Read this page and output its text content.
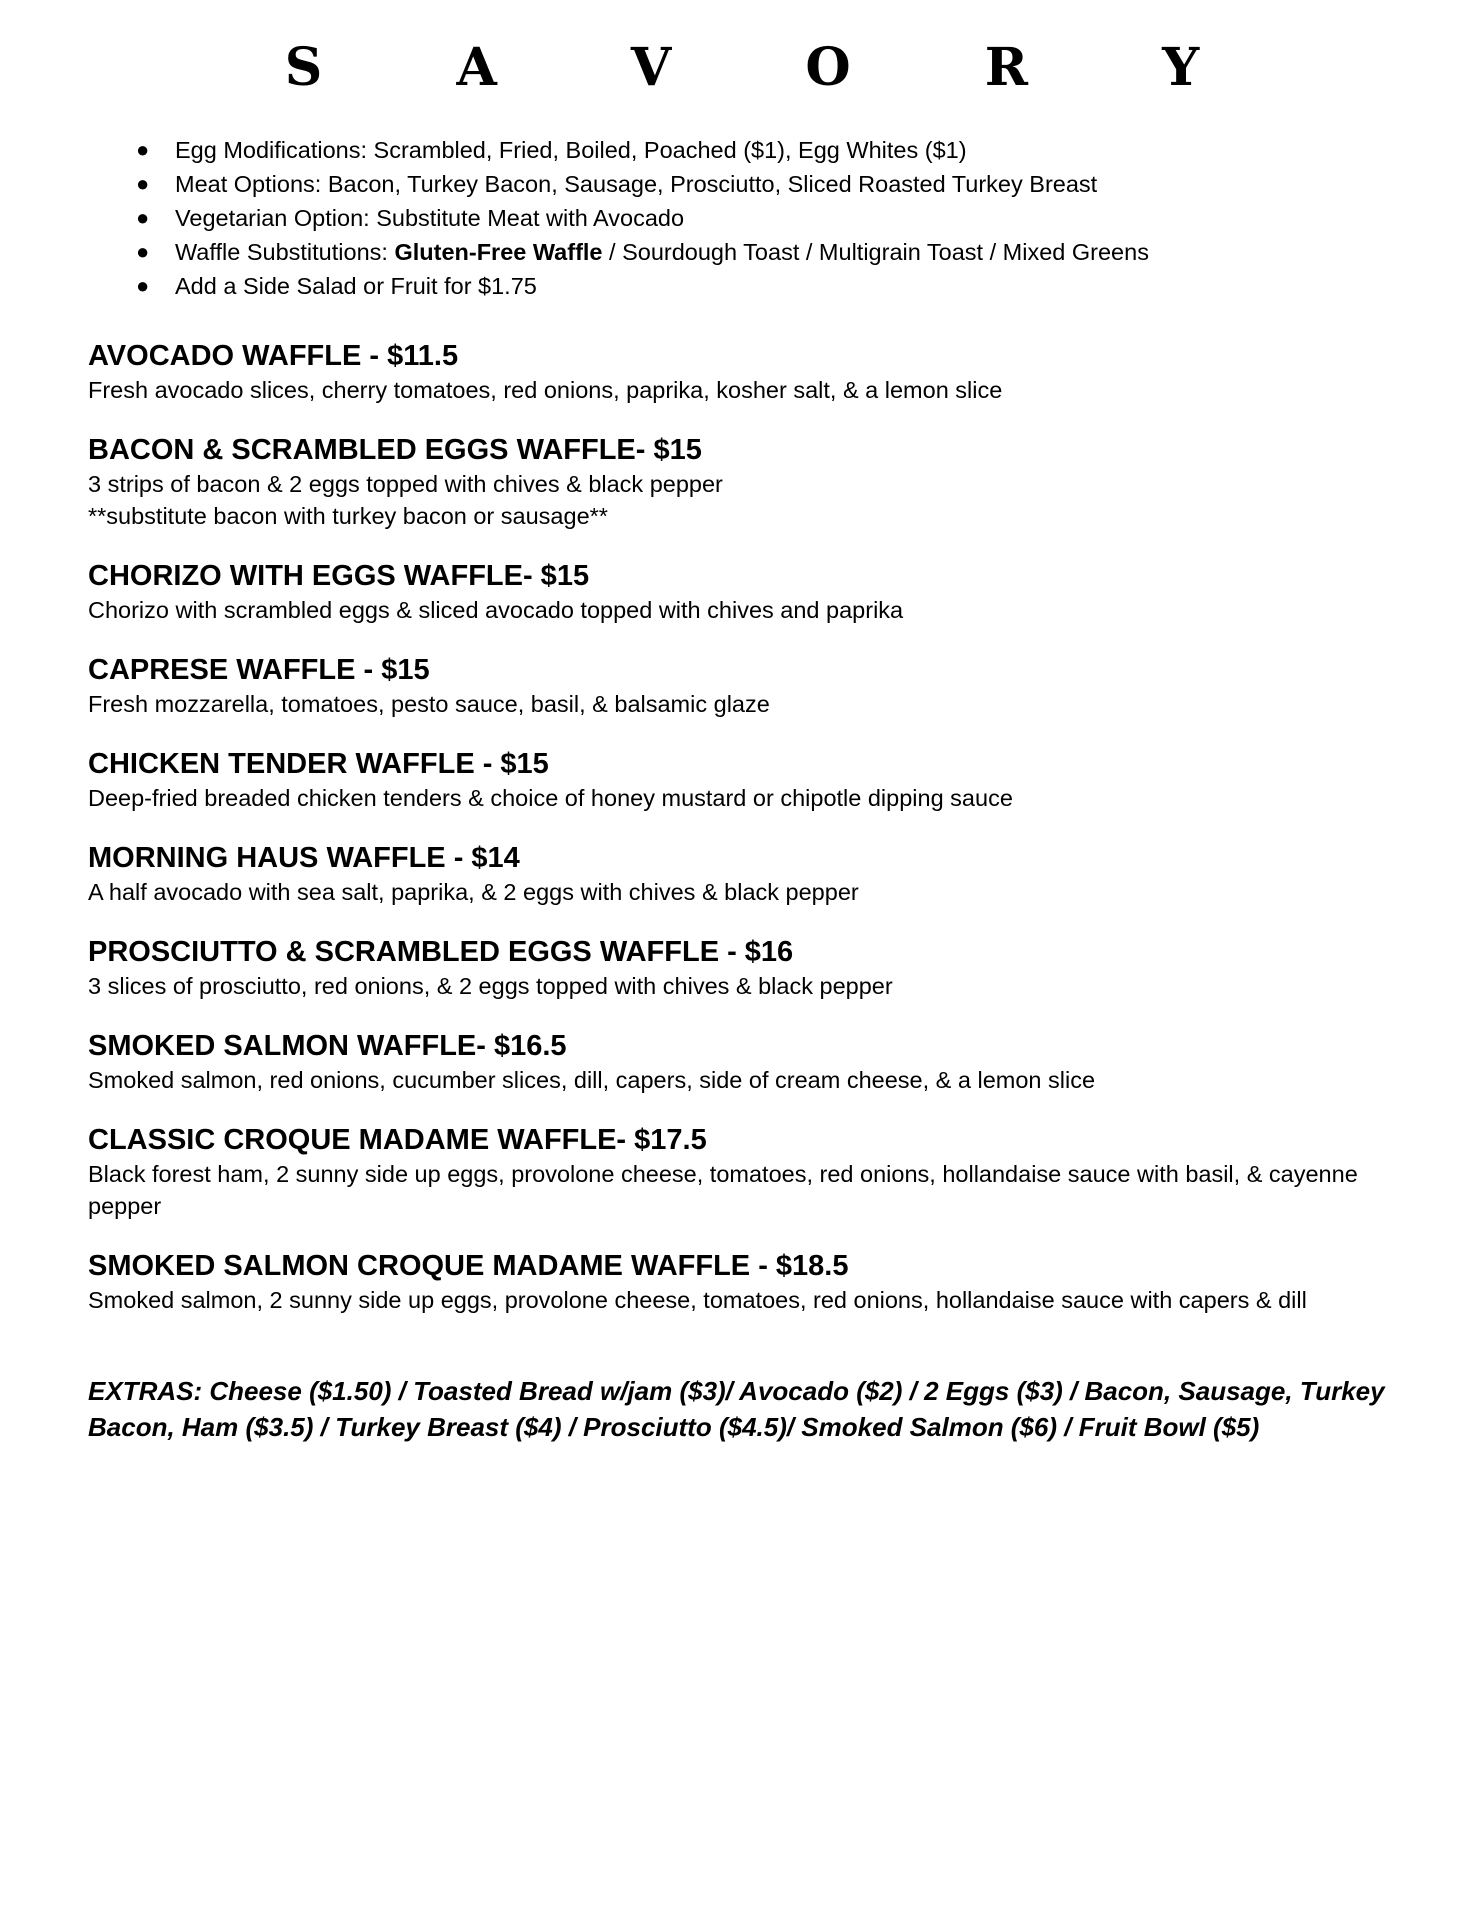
S A V O R Y
● Egg Modifications: Scrambled, Fried, Boiled, Poached ($1), Egg Whites ($1)
● Meat Options: Bacon, Turkey Bacon, Sausage, Prosciutto, Sliced Roasted Turkey Breast
● Vegetarian Option: Substitute Meat with Avocado
● Waffle Substitutions: Gluten-Free Waffle / Sourdough Toast / Multigrain Toast / Mixed Greens
● Add a Side Salad or Fruit for $1.75
AVOCADO WAFFLE - $11.5
Fresh avocado slices, cherry tomatoes, red onions, paprika, kosher salt, & a lemon slice
BACON & SCRAMBLED EGGS WAFFLE- $15
3 strips of bacon & 2 eggs topped with chives & black pepper
**substitute bacon with turkey bacon or sausage**
CHORIZO WITH EGGS WAFFLE- $15
Chorizo with scrambled eggs & sliced avocado topped with chives and paprika
CAPRESE WAFFLE - $15
Fresh mozzarella, tomatoes, pesto sauce, basil, & balsamic glaze
CHICKEN TENDER WAFFLE - $15
Deep-fried breaded chicken tenders & choice of honey mustard or chipotle dipping sauce
MORNING HAUS WAFFLE - $14
A half avocado with sea salt, paprika, & 2 eggs with chives & black pepper
PROSCIUTTO & SCRAMBLED EGGS WAFFLE - $16
3 slices of prosciutto, red onions, & 2 eggs topped with chives & black pepper
SMOKED SALMON WAFFLE- $16.5
Smoked salmon, red onions, cucumber slices, dill, capers, side of cream cheese, & a lemon slice
CLASSIC CROQUE MADAME WAFFLE- $17.5
Black forest ham, 2 sunny side up eggs, provolone cheese, tomatoes, red onions, hollandaise sauce with basil, & cayenne pepper
SMOKED SALMON CROQUE MADAME WAFFLE - $18.5
Smoked salmon, 2 sunny side up eggs, provolone cheese, tomatoes, red onions, hollandaise sauce with capers & dill
EXTRAS: Cheese ($1.50) / Toasted Bread w/jam ($3)/ Avocado ($2) / 2 Eggs ($3) / Bacon, Sausage, Turkey Bacon, Ham ($3.5) / Turkey Breast ($4) / Prosciutto ($4.5)/ Smoked Salmon ($6) / Fruit Bowl ($5)
